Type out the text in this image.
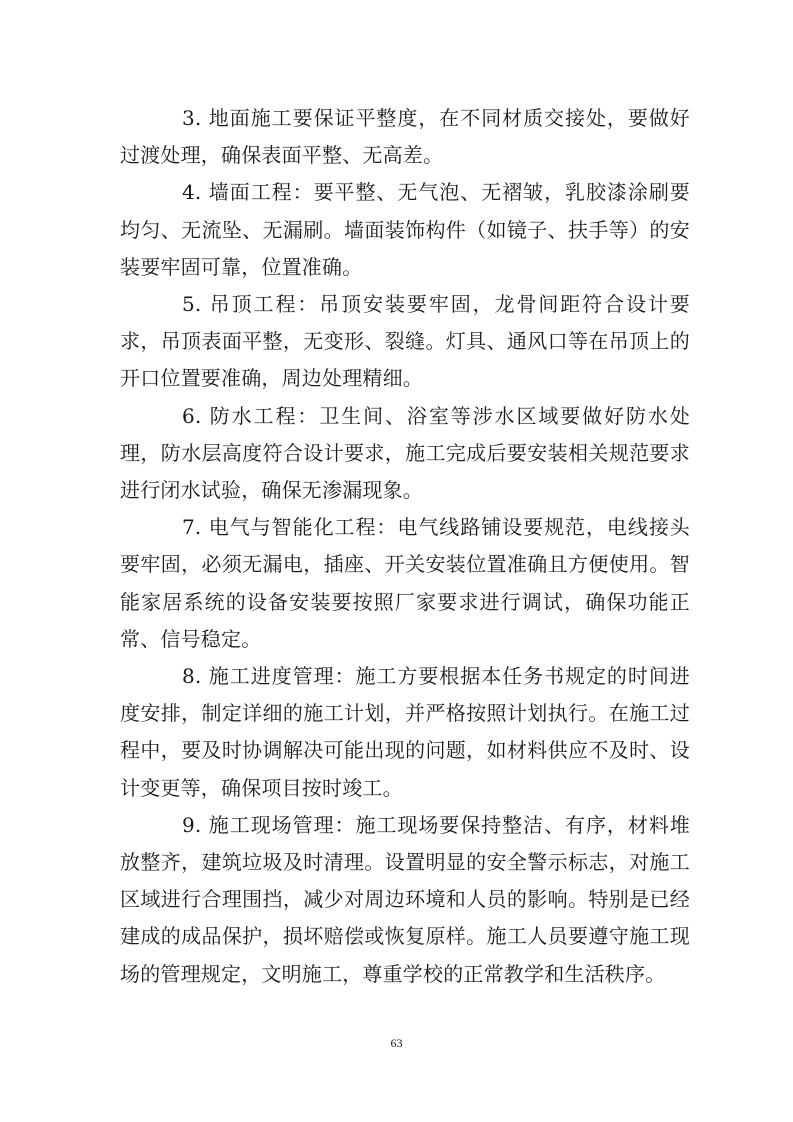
3. 地面施工要保证平整度，在不同材质交接处，要做好过渡处理，确保表面平整、无高差。

4. 墙面工程：要平整、无气泡、无褶皱，乳胶漆涂刷要均匀、无流坠、无漏刷。墙面装饰构件（如镜子、扶手等）的安装要牢固可靠，位置准确。

5. 吊顶工程：吊顶安装要牢固，龙骨间距符合设计要求，吊顶表面平整，无变形、裂缝。灯具、通风口等在吊顶上的开口位置要准确，周边处理精细。

6. 防水工程：卫生间、浴室等涉水区域要做好防水处理，防水层高度符合设计要求，施工完成后要安装相关规范要求进行闭水试验，确保无渗漏现象。

7. 电气与智能化工程：电气线路铺设要规范，电线接头要牢固，必须无漏电，插座、开关安装位置准确且方便使用。智能家居系统的设备安装要按照厂家要求进行调试，确保功能正常、信号稳定。

8. 施工进度管理：施工方要根据本任务书规定的时间进度安排，制定详细的施工计划，并严格按照计划执行。在施工过程中，要及时协调解决可能出现的问题，如材料供应不及时、设计变更等，确保项目按时竣工。

9. 施工现场管理：施工现场要保持整洁、有序，材料堆放整齐，建筑垃圾及时清理。设置明显的安全警示标志，对施工区域进行合理围挡，减少对周边环境和人员的影响。特别是已经建成的成品保护，损坏赔偿或恢复原样。施工人员要遵守施工现场的管理规定，文明施工，尊重学校的正常教学和生活秩序。

63
